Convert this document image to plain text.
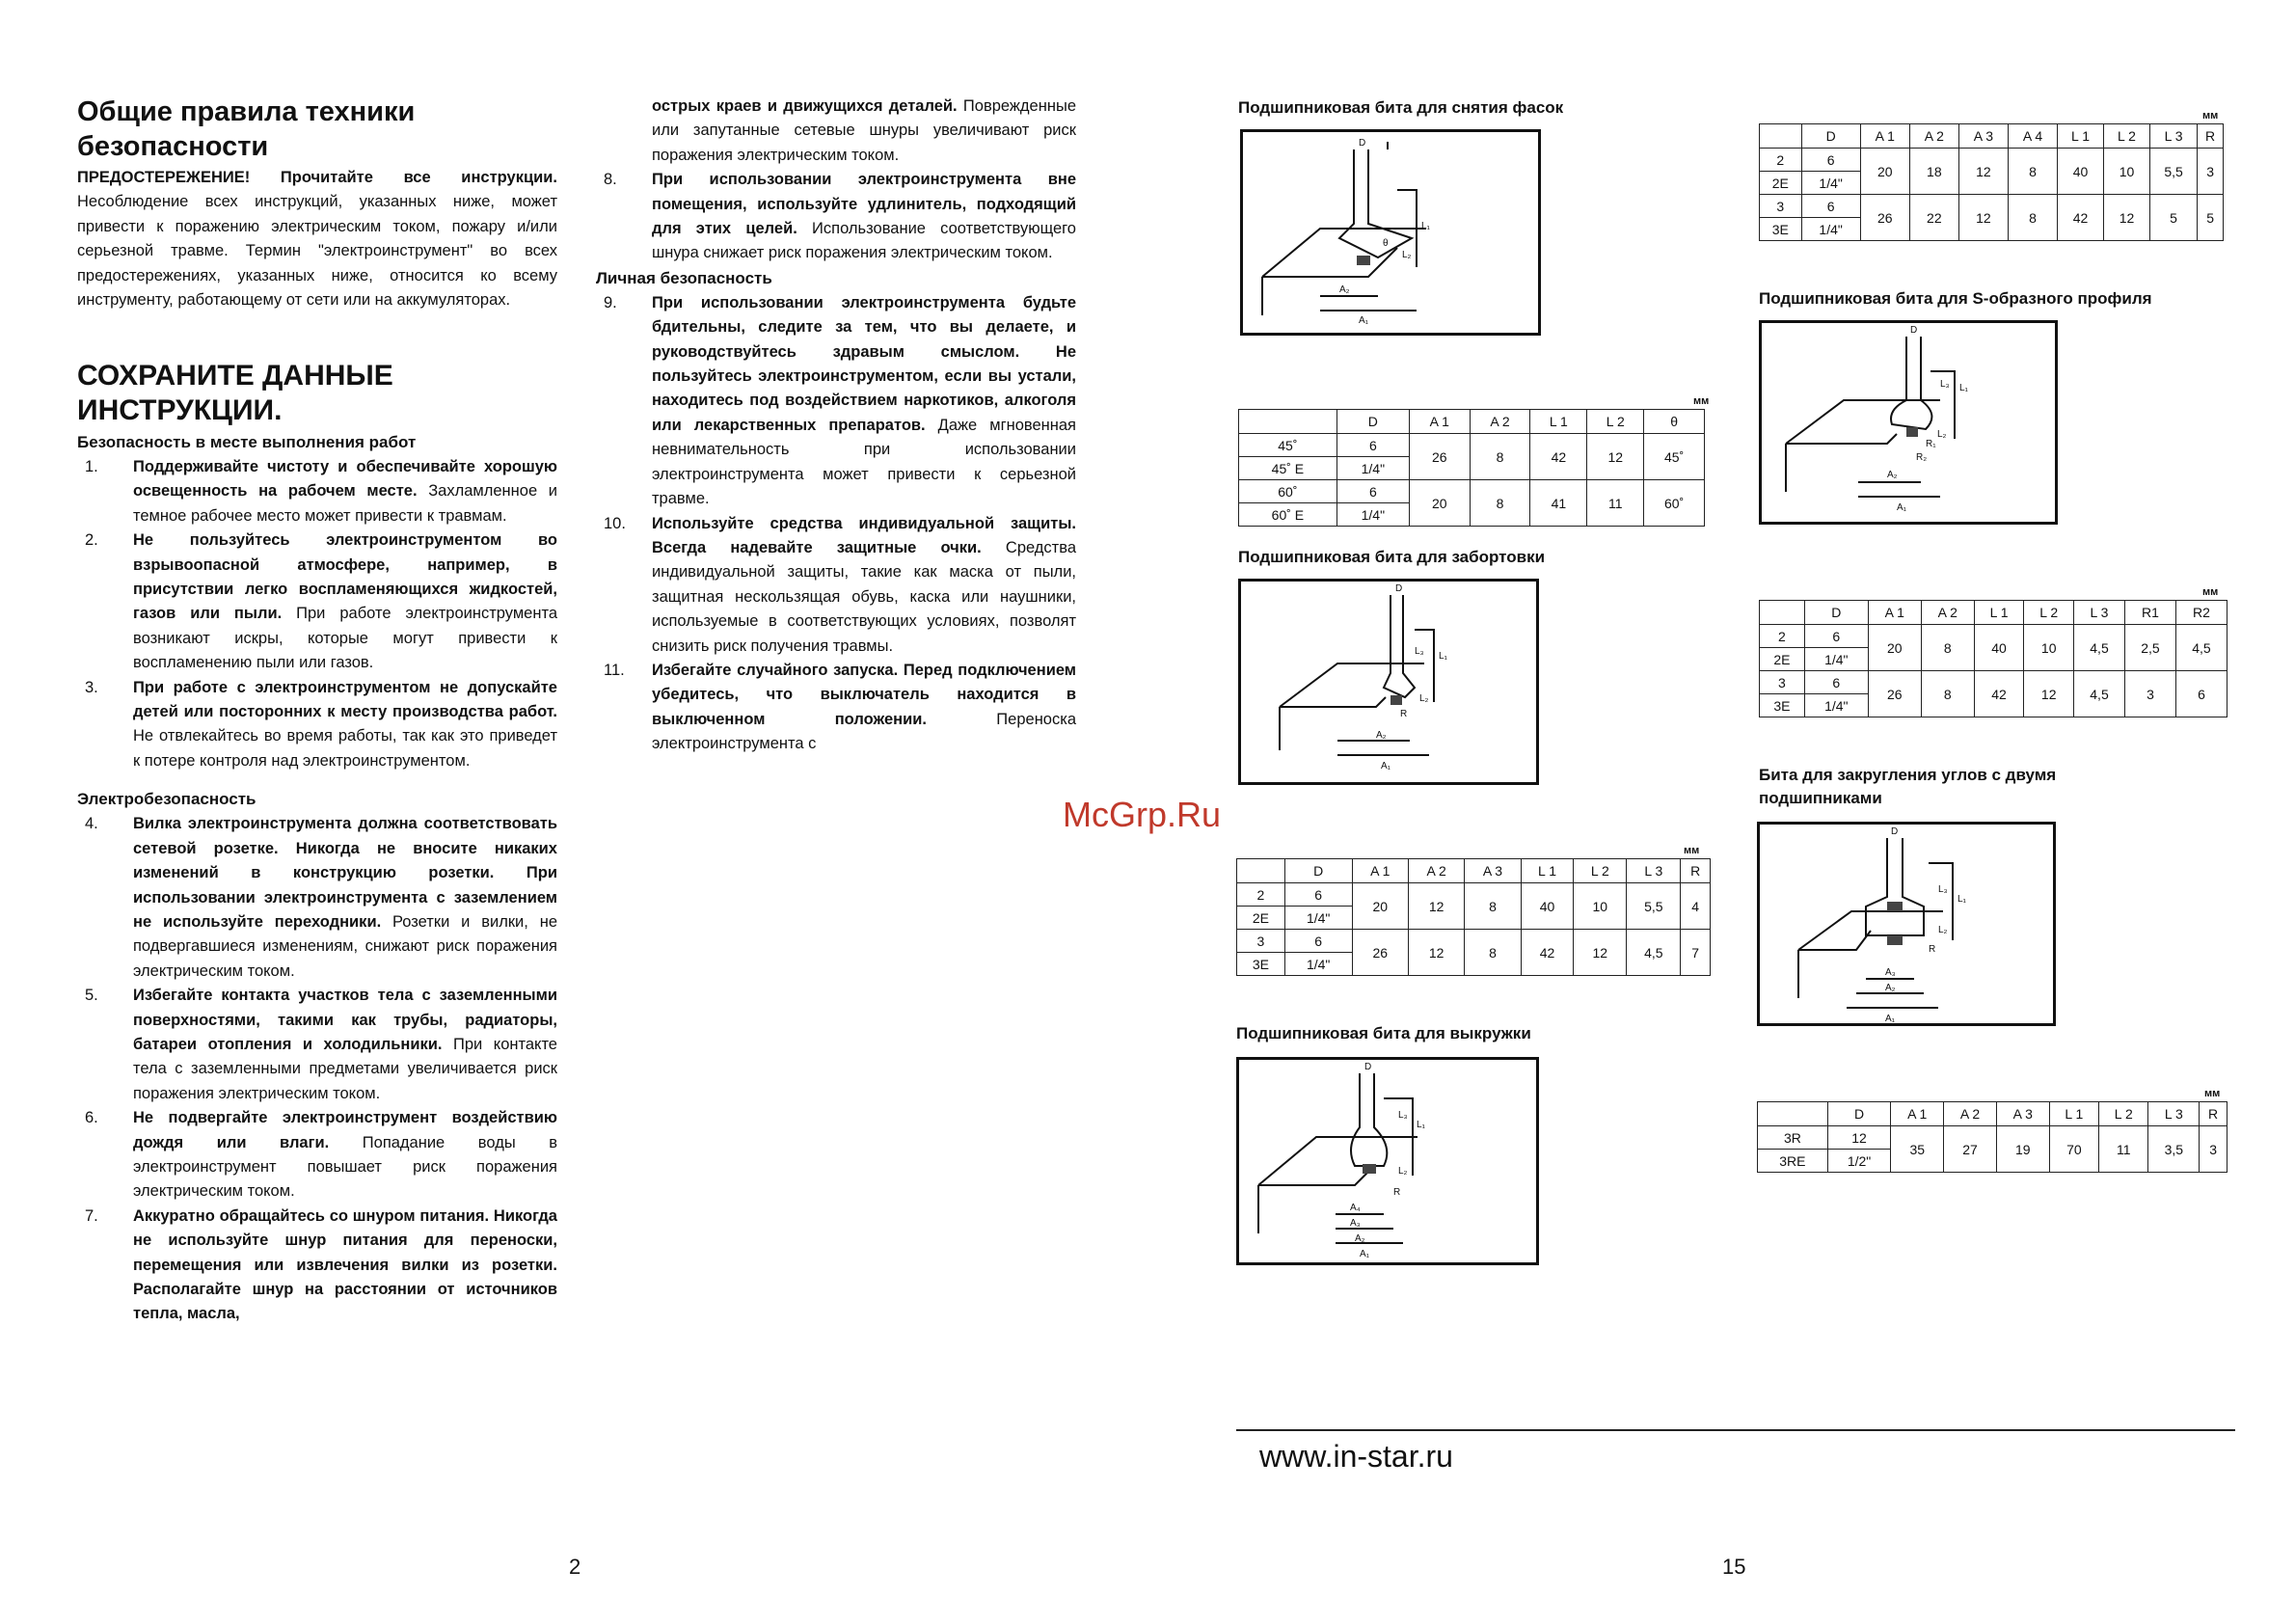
Общие правила техники безопасности

ПРЕДОСТЕРЕЖЕНИЕ! Прочитайте все инструкции. Несоблюдение всех инструкций, указанных ниже, может привести к поражению электрическим током, пожару и/или серьезной травме. Термин "электроинструмент" во всех предостережениях, указанных ниже, относится ко всему инструменту, работающему от сети или на аккумуляторах.

СОХРАНИТЕ ДАННЫЕ ИНСТРУКЦИИ.
Безопасность в месте выполнения работ
1.	Поддерживайте чистоту и обеспечивайте хорошую освещенность на рабочем месте. Захламленное и темное рабочее место может привести к травмам.
2.	Не пользуйтесь электроинструментом во взрывоопасной атмосфере, например, в присутствии легко воспламеняющихся жидкостей, газов или пыли. При работе электроинструмента возникают искры, которые могут привести к воспламенению пыли или газов.
3.	При работе с электроинструментом не допускайте детей или посторонних к месту производства работ. Не отвлекайтесь во время работы, так как это приведет к потере контроля над электроинструментом.
Электробезопасность
4.	Вилка электроинструмента должна соответствовать сетевой розетке. Никогда не вносите никаких изменений в конструкцию розетки. При использовании электроинструмента с заземлением не используйте переходники. Розетки и вилки, не подвергавшиеся изменениям, снижают риск поражения электрическим током.
5.	Избегайте контакта участков тела с заземленными поверхностями, такими как трубы, радиаторы, батареи отопления и холодильники. При контакте тела с заземленными предметами увеличивается риск поражения электрическим током.
6.	Не подвергайте электроинструмент воздействию дождя или влаги. Попадание воды в электроинструмент повышает риск поражения электрическим током.
7.	Аккуратно обращайтесь со шнуром питания. Никогда не используйте шнур питания для переноски, перемещения или извлечения вилки из розетки. Располагайте шнур на расстоянии от источников тепла, масла,
острых краев и движущихся деталей. Поврежденные или запутанные сетевые шнуры увеличивают риск поражения электрическим током.
8.	При использовании электроинструмента вне помещения, используйте удлинитель, подходящий для этих целей. Использование соответствующего шнура снижает риск поражения электрическим током.
Личная безопасность
9.	При использовании электроинструмента будьте бдительны, следите за тем, что вы делаете, и руководствуйтесь здравым смыслом. Не пользуйтесь электроинструментом, если вы устали, находитесь под воздействием наркотиков, алкоголя или лекарственных препаратов. Даже мгновенная невнимательность при использовании электроинструмента может привести к серьезной травме.
10.	Используйте средства индивидуальной защиты. Всегда надевайте защитные очки. Средства индивидуальной защиты, такие как маска от пыли, защитная нескользящая обувь, каска или наушники, используемые в соответствующих условиях, позволят снизить риск получения травмы.
11.	Избегайте случайного запуска. Перед подключением убедитесь, что выключатель находится в выключенном положении. Переноска электроинструмента с
2
McGrp.Ru
Подшипниковая бита для снятия фасок
D
L₁
L₂
A₂
A₁
θ
мм
	D	A 1	A 2	L 1	L 2	θ
45˚	6	26	8	42	12	45˚
45˚ E	1/4"					
60˚	6	20	8	41	11	60˚
60˚ E	1/4"					
Подшипниковая бита для забортовки
D
L₁
L₃
L₂
R
A₂
A₁
мм
	D	A 1	A 2	A 3	L 1	L 2	L 3	R
2	6	20	12	8	40	10	5,5	4
2E	1/4"							
3	6	26	12	8	42	12	4,5	7
3E	1/4"							
Подшипниковая бита для выкружки
D
L₁
L₃
L₂
R
A₄
A₃
A₂
A₁
мм
	D	A 1	A 2	A 3	A 4	L 1	L 2	L 3	R
2	6	20	18	12	8	40	10	5,5	3
2E	1/4"								
3	6	26	22	12	8	42	12	5	5
3E	1/4"								
Подшипниковая бита для S-образного профиля
D
L₁
L₃
L₂
R₁
R₂
A₂
A₁
мм
	D	A 1	A 2	L 1	L 2	L 3	R1	R2
2	6	20	8	40	10	4,5	2,5	4,5
2E	1/4"							
3	6	26	8	42	12	4,5	3	6
3E	1/4"							
Бита для закругления углов с двумя подшипниками
D
L₁
L₃
L₂
R
A₃
A₂
A₁
мм
	D	A 1	A 2	A 3	L 1	L 2	L 3	R
3R	12	35	27	19	70	11	3,5	3
3RE	1/2"							
www.in-star.ru
15
